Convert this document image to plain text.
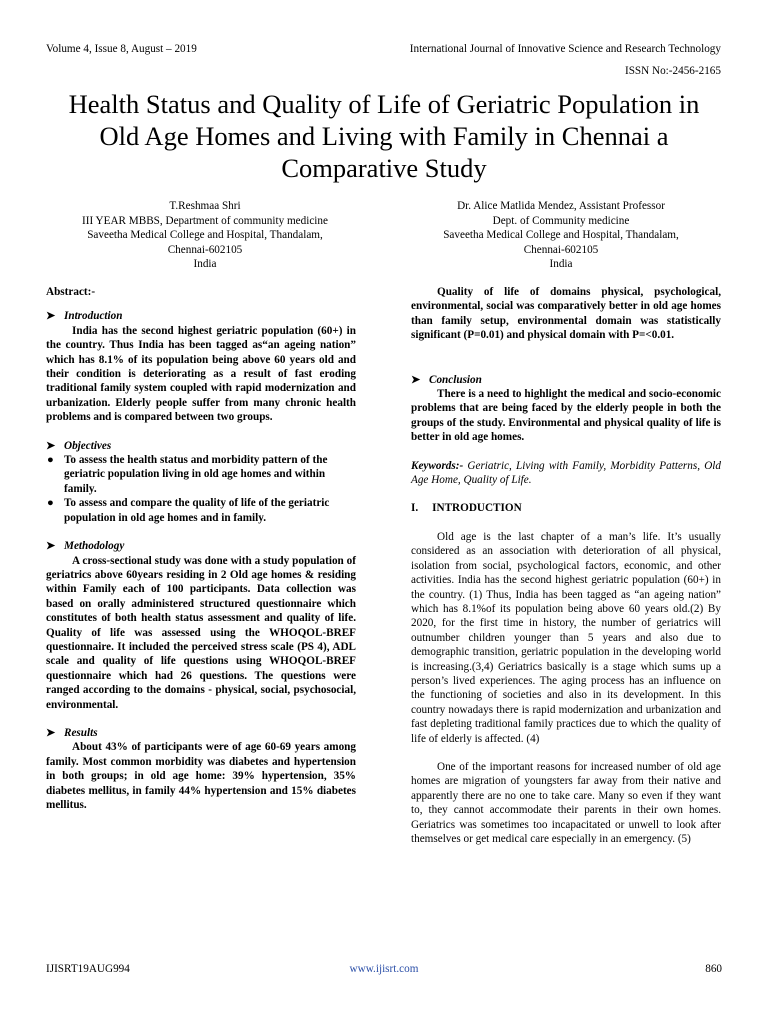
Volume 4, Issue 8, August – 2019	International Journal of Innovative Science and Research Technology
ISSN No:-2456-2165
Health Status and Quality of Life of Geriatric Population in Old Age Homes and Living with Family in Chennai a Comparative Study
T.Reshmaa Shri
III YEAR MBBS, Department of community medicine
Saveetha Medical College and Hospital, Thandalam,
Chennai-602105
India
Dr. Alice Matlida Mendez, Assistant Professor
Dept. of Community medicine
Saveetha Medical College and Hospital, Thandalam,
Chennai-602105
India

Abstract:-

➤ Introduction

India has the second highest geriatric population (60+) in the country. Thus India has been tagged as“an ageing nation” which has 8.1% of its population being above 60 years old and their condition is deteriorating as a result of fast eroding traditional family system coupled with rapid modernization and urbanization. Elderly people suffer from many chronic health problems and is compared between two groups.

➤ Objectives

● To assess the health status and morbidity pattern of the geriatric population living in old age homes and within family.
● To assess and compare the quality of life of the geriatric population in old age homes and in family.

➤ Methodology

A cross-sectional study was done with a study population of geriatrics above 60years residing in 2 Old age homes & residing within Family each of 100 participants. Data collection was based on orally administered structured questionnaire which constitutes of both health status assessment and quality of life. Quality of life was assessed using the WHOQOL-BREF questionnaire. It included the perceived stress scale (PS 4), ADL scale and quality of life questions using WHOQOL-BREF questionnaire which had 26 questions. The questions were ranged according to the domains - physical, social, psychosocial, environmental.

➤ Results

About 43% of participants were of age 60-69 years among family. Most common morbidity was diabetes and hypertension in both groups; in old age home: 39% hypertension, 35% diabetes mellitus, in family 44% hypertension and 15% diabetes mellitus.

Quality of life of domains physical, psychological, environmental, social was comparatively better in old age homes than family setup, environmental domain was statistically significant (P=0.01) and physical domain with P=<0.01.

➤ Conclusion

There is a need to highlight the medical and socio-economic problems that are being faced by the elderly people in both the groups of the study. Environmental and physical quality of life is better in old age homes.

Keywords:- Geriatric, Living with Family, Morbidity Patterns, Old Age Home, Quality of Life.

I. INTRODUCTION

Old age is the last chapter of a man’s life. It’s usually considered as an association with deterioration of all physical, isolation from social, psychological factors, economic, and other activities. India has the second highest geriatric population (60+) in the country. (1) Thus, India has been tagged as “an ageing nation” which has 8.1%of its population being above 60 years old.(2) By 2020, for the first time in history, the number of geriatrics will outnumber children younger than 5 years and also due to demographic transition, geriatric population in the developing world is increasing.(3,4) Geriatrics basically is a stage which sums up a person’s lived experiences. The aging process has an influence on the functioning of societies and also in its development. In this country nowadays there is rapid modernization and urbanization and fast depleting traditional family practices due to which the quality of life of elderly is affected. (4)

One of the important reasons for increased number of old age homes are migration of youngsters far away from their native and apparently there are no one to take care. Many so even if they want to, they cannot accommodate their parents in their own homes. Geriatrics was sometimes too incapacitated or unwell to look after themselves or get medical care especially in an emergency. (5)

IJISRT19AUG994	www.ijisrt.com	860
